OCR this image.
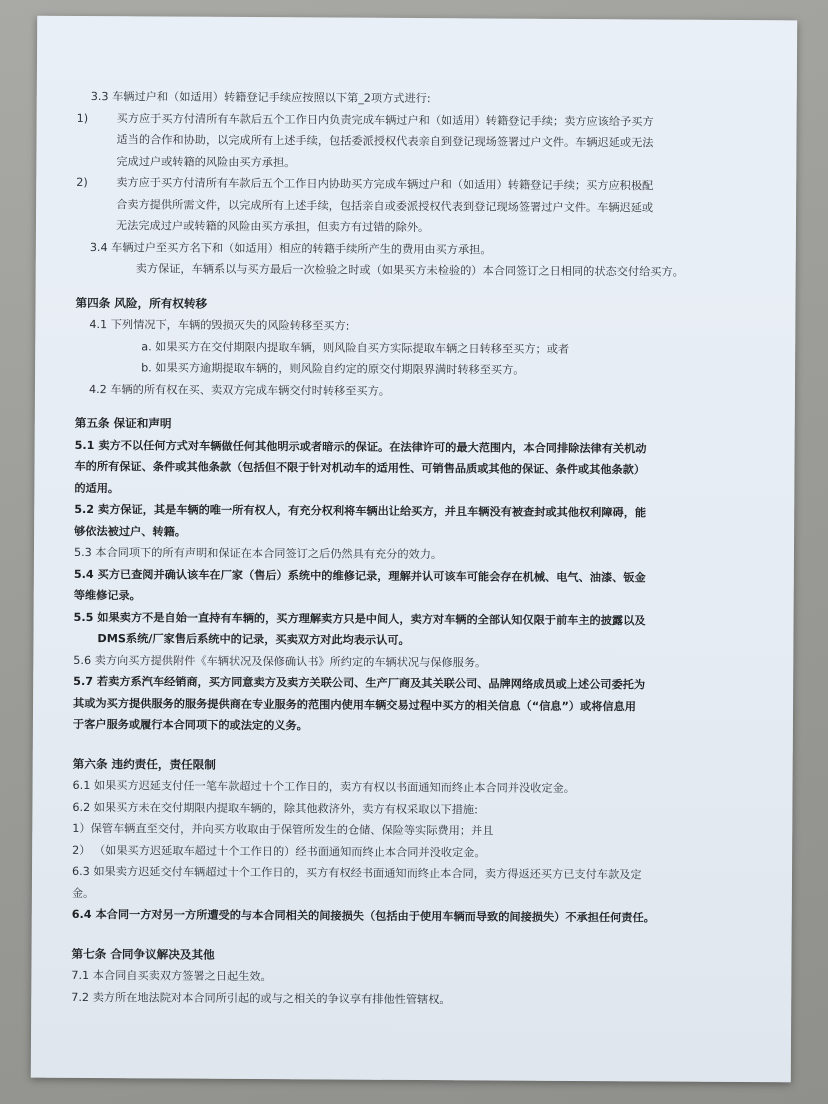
3.3 车辆过户和（如适用）转籍登记手续应按照以下第_2项方式进行:
1)	买方应于买方付清所有车款后五个工作日内负责完成车辆过户和（如适用）转籍登记手续；卖方应该给予买方
适当的合作和协助，以完成所有上述手续，包括委派授权代表亲自到登记现场签署过户文件。车辆迟延或无法
完成过户或转籍的风险由买方承担。
2)	卖方应于买方付清所有车款后五个工作日内协助买方完成车辆过户和（如适用）转籍登记手续；买方应积极配
合卖方提供所需文件，以完成所有上述手续，包括亲自或委派授权代表到登记现场签署过户文件。车辆迟延或
无法完成过户或转籍的风险由买方承担，但卖方有过错的除外。
3.4 车辆过户至买方名下和（如适用）相应的转籍手续所产生的费用由买方承担。
卖方保证，车辆系以与买方最后一次检验之时或（如果买方未检验的）本合同签订之日相同的状态交付给买方。
第四条 风险，所有权转移
4.1 下列情况下，车辆的毁损灭失的风险转移至买方:
a. 如果买方在交付期限内提取车辆，则风险自买方实际提取车辆之日转移至买方；或者
b. 如果买方逾期提取车辆的，则风险自约定的原交付期限界满时转移至买方。
4.2 车辆的所有权在买、卖双方完成车辆交付时转移至买方。
第五条 保证和声明
5.1 卖方不以任何方式对车辆做任何其他明示或者暗示的保证。在法律许可的最大范围内，本合同排除法律有关机动
车的所有保证、条件或其他条款（包括但不限于针对机动车的适用性、可销售品质或其他的保证、条件或其他条款）
的适用。
5.2 卖方保证，其是车辆的唯一所有权人，有充分权利将车辆出让给买方，并且车辆没有被查封或其他权利障碍，能
够依法被过户、转籍。
5.3 本合同项下的所有声明和保证在本合同签订之后仍然具有充分的效力。
5.4 买方已查阅并确认该车在厂家（售后）系统中的维修记录，理解并认可该车可能会存在机械、电气、油漆、钣金
等维修记录。
5.5 如果卖方不是自始一直持有车辆的，买方理解卖方只是中间人，卖方对车辆的全部认知仅限于前车主的披露以及
DMS系统/厂家售后系统中的记录，买卖双方对此均表示认可。
5.6 卖方向买方提供附件《车辆状况及保修确认书》所约定的车辆状况与保修服务。
5.7 若卖方系汽车经销商，买方同意卖方及卖方关联公司、生产厂商及其关联公司、品牌网络成员或上述公司委托为
其或为买方提供服务的服务提供商在专业服务的范围内使用车辆交易过程中买方的相关信息（“信息”）或将信息用
于客户服务或履行本合同项下的或法定的义务。
第六条 违约责任，责任限制
6.1 如果买方迟延支付任一笔车款超过十个工作日的，卖方有权以书面通知而终止本合同并没收定金。
6.2 如果买方未在交付期限内提取车辆的，除其他救济外，卖方有权采取以下措施:
1）保管车辆直至交付，并向买方收取由于保管所发生的仓储、保险等实际费用；并且
2） （如果买方迟延取车超过十个工作日的）经书面通知而终止本合同并没收定金。
6.3 如果卖方迟延交付车辆超过十个工作日的，买方有权经书面通知而终止本合同，卖方得返还买方已支付车款及定
金。
6.4 本合同一方对另一方所遭受的与本合同相关的间接损失（包括由于使用车辆而导致的间接损失）不承担任何责任。
第七条 合同争议解决及其他
7.1 本合同自买卖双方签署之日起生效。
7.2 卖方所在地法院对本合同所引起的或与之相关的争议享有排他性管辖权。
